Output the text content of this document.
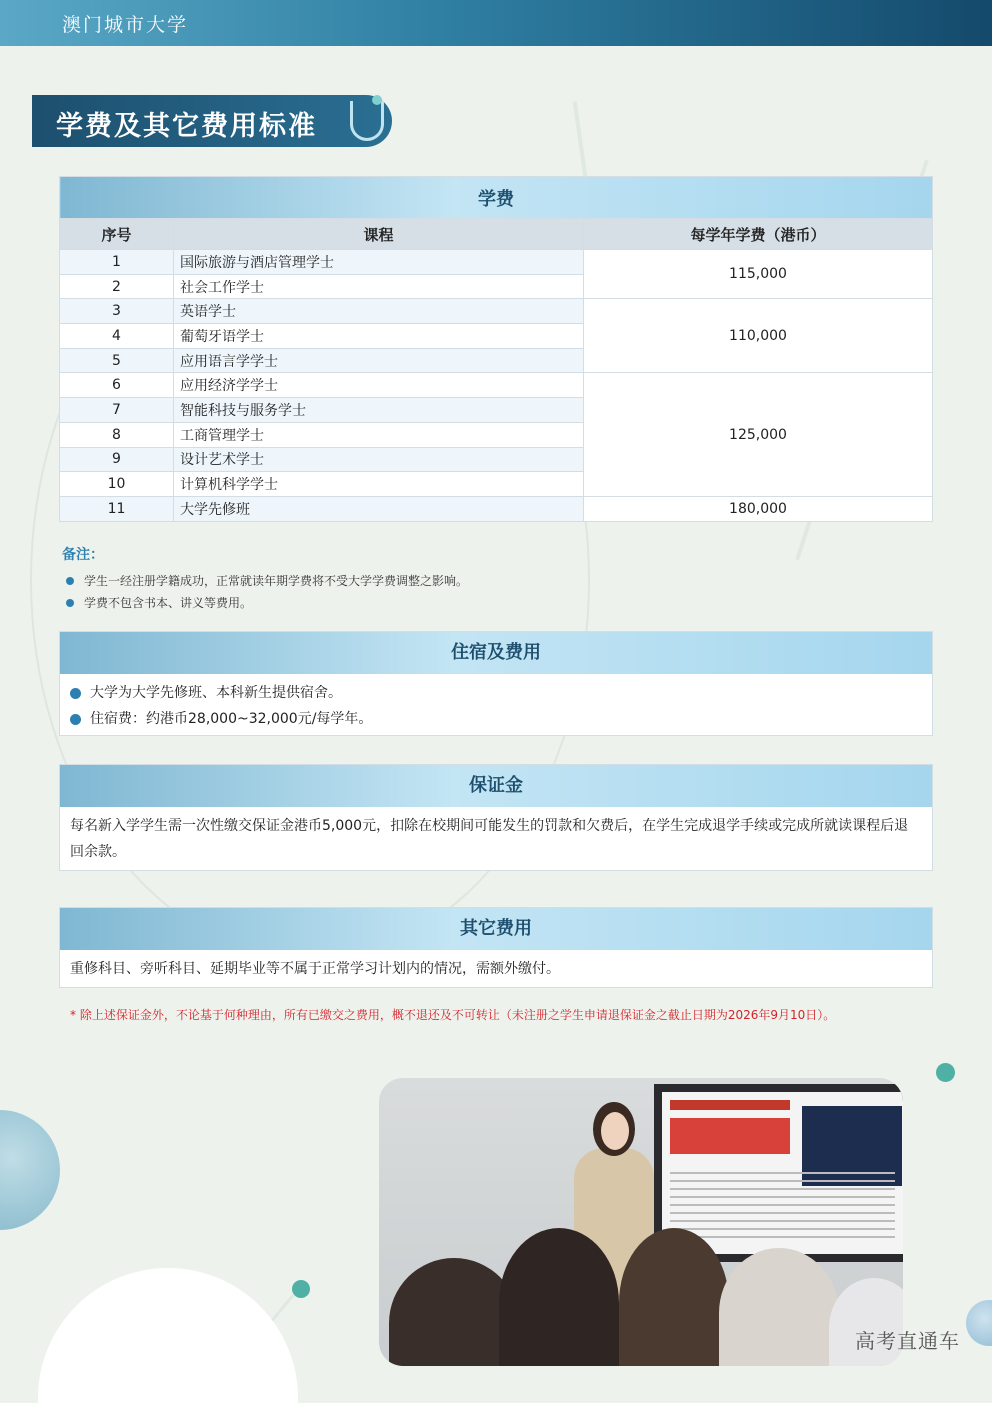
澳门城市大学
学费及其它费用标准
学费		
序号	课程	每学年学费（港币）
1	国际旅游与酒店管理学士	115,000
2	社会工作学士	
3	英语学士	110,000
4	葡萄牙语学士	
5	应用语言学学士	
6	应用经济学学士	125,000
7	智能科技与服务学士	
8	工商管理学士	
9	设计艺术学士	
10	计算机科学学士	
11	大学先修班	180,000
备注：
学生一经注册学籍成功，正常就读年期学费将不受大学学费调整之影响。
学费不包含书本、讲义等费用。
住宿及费用
大学为大学先修班、本科新生提供宿舍。
住宿费：约港币28,000~32,000元/每学年。
保证金
每名新入学学生需一次性缴交保证金港币5,000元，扣除在校期间可能发生的罚款和欠费后，在学生完成退学手续或完成所就读课程后退回余款。
其它费用
重修科目、旁听科目、延期毕业等不属于正常学习计划内的情况，需额外缴付。
* 除上述保证金外，不论基于何种理由，所有已缴交之费用，概不退还及不可转让（未注册之学生申请退保证金之截止日期为2026年9月10日）。
高考直通车
